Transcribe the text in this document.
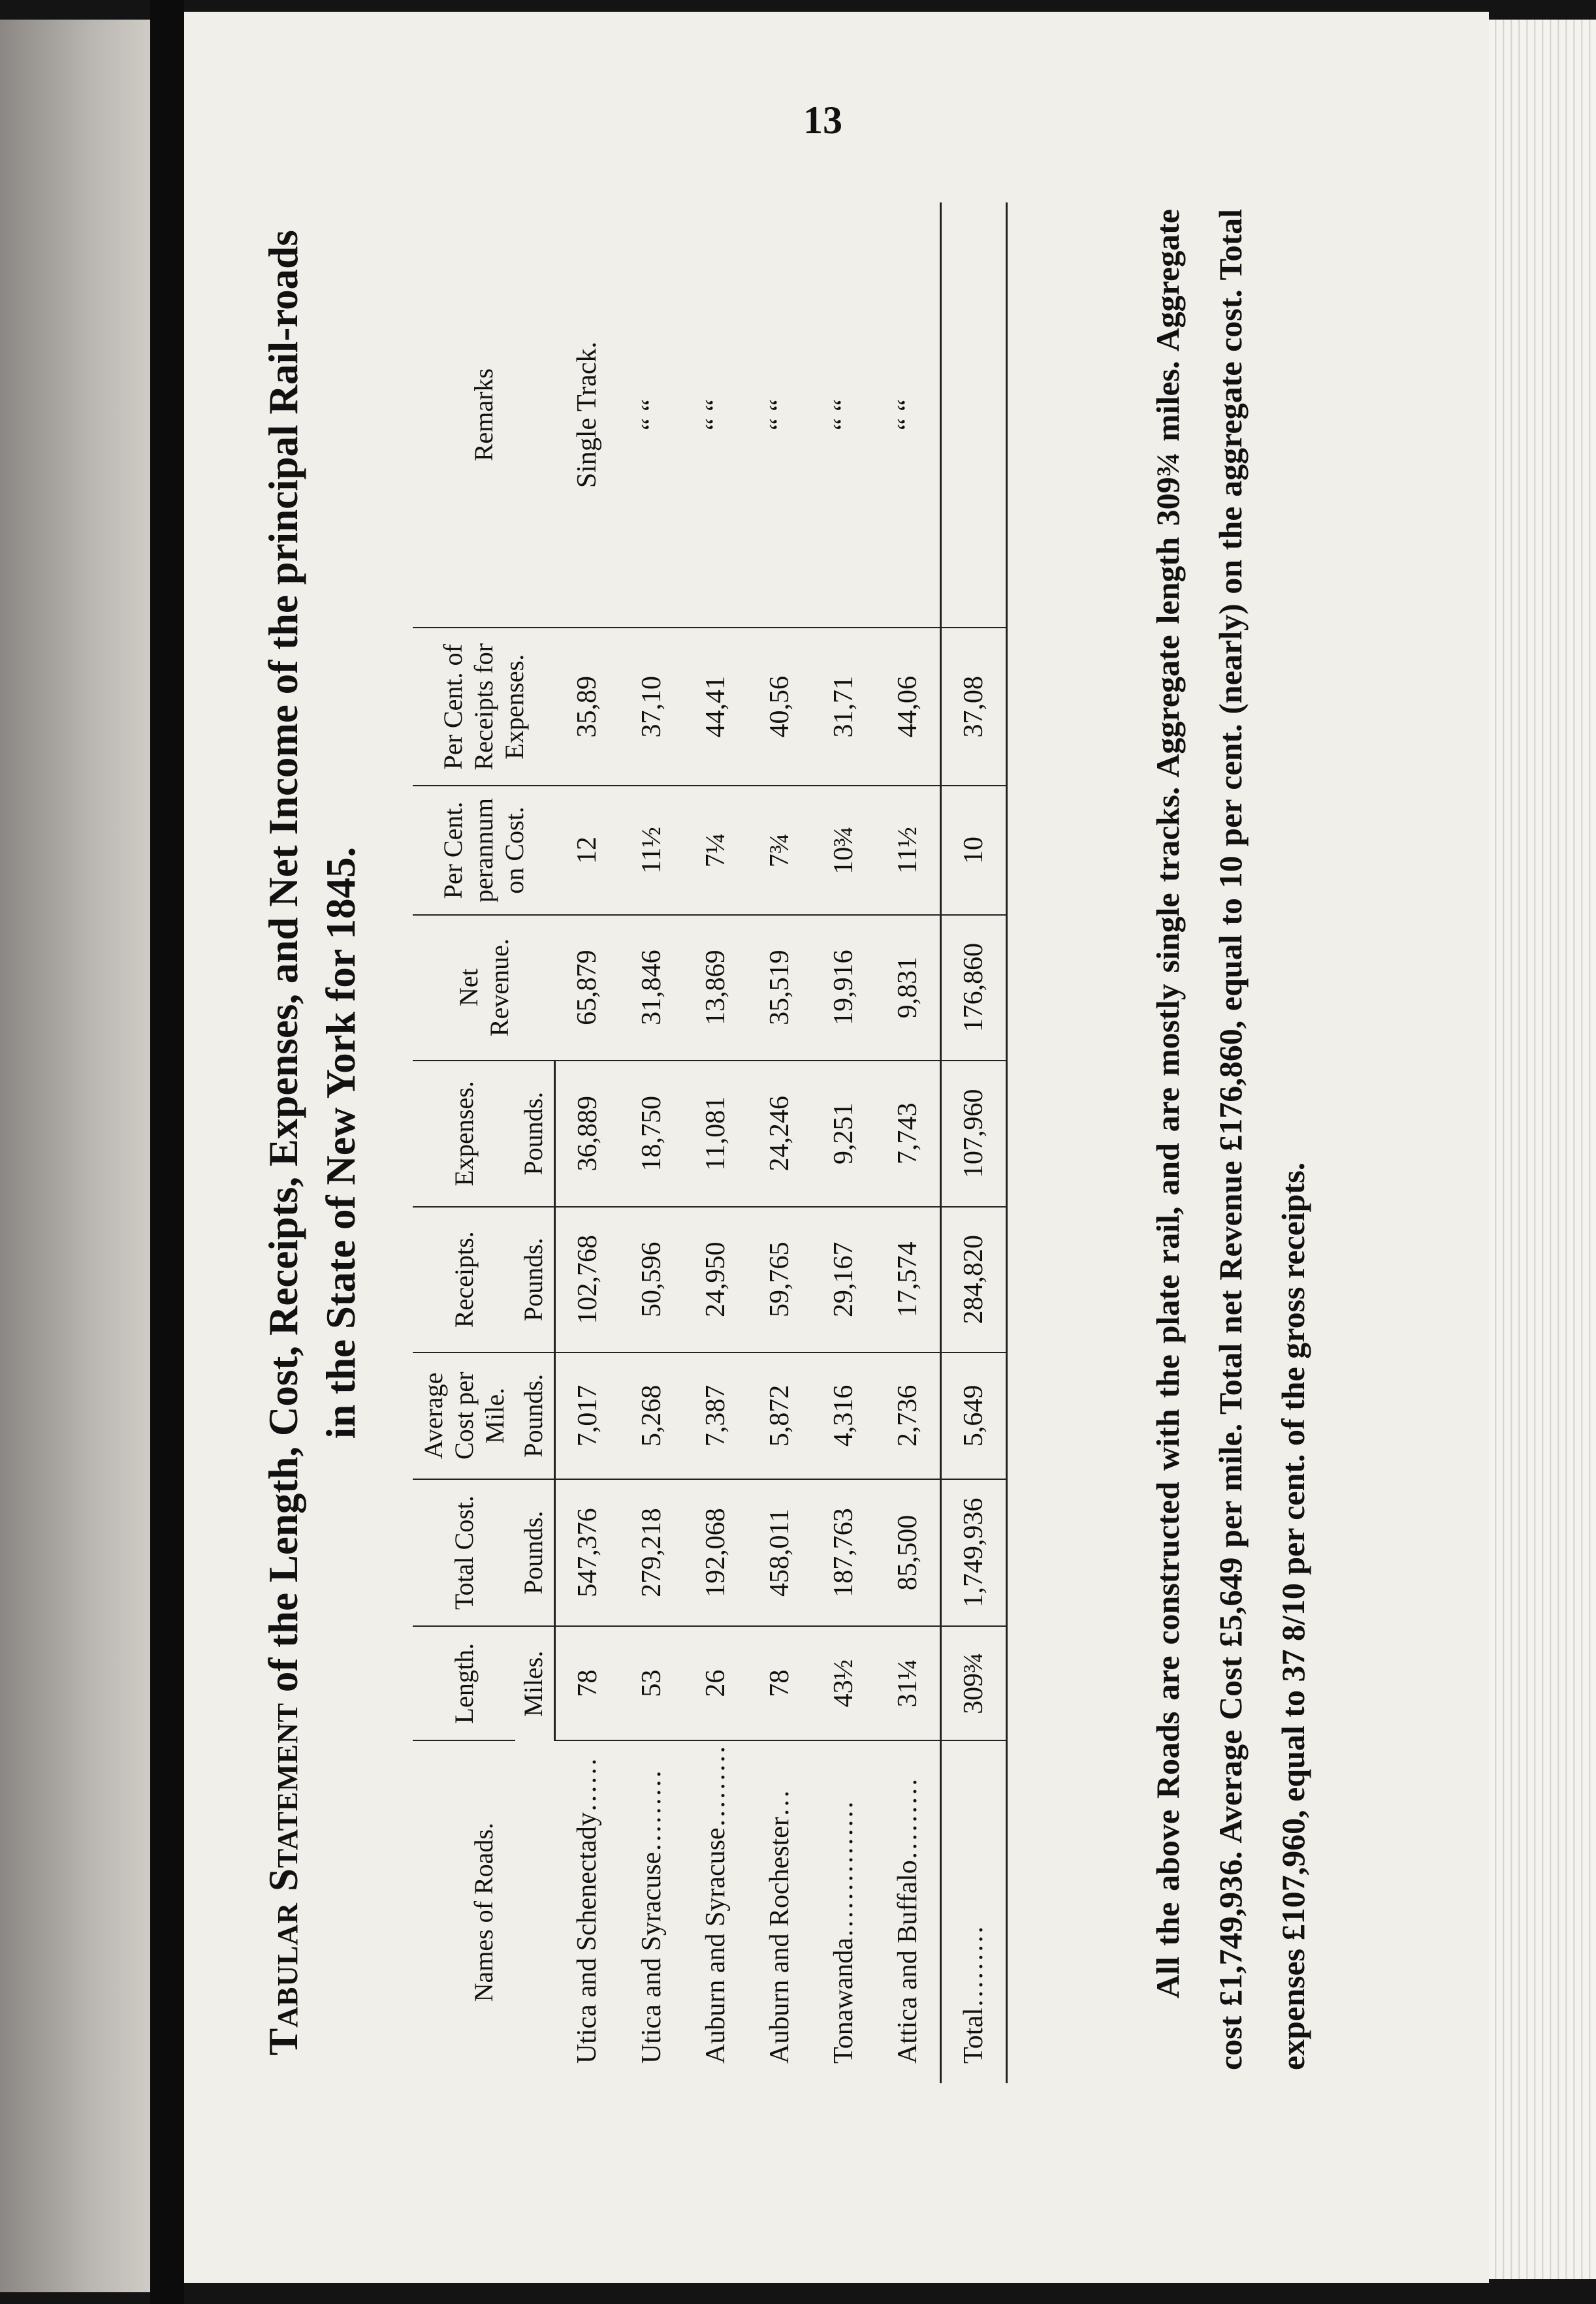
13
Tabular Statement of the Length, Cost, Receipts, Expenses, and Net Income of the principal Rail-roads in the State of New York for 1845.
Names of Roads.	Length.	Total Cost.	Average Cost per Mile.	Receipts.	Expenses.	Net Revenue.	Per Cent. perannum on Cost.	Per Cent. of Receipts for Expenses.	Remarks
	Miles.	Pounds.	Pounds.	Pounds.	Pounds.				
Utica and Schenectady……	78	547,376	7,017	102,768	36,889	65,879	12	35,89	Single Track.
Utica and Syracuse………	53	279,218	5,268	50,596	18,750	31,846	11½	37,10	“ “
Auburn and Syracuse………	26	192,068	7,387	24,950	11,081	13,869	7¼	44,41	“ “
Auburn and Rochester…	78	458,011	5,872	59,765	24,246	35,519	7¾	40,56	“ “
Tonawanda……………	43½	187,763	4,316	29,167	9,251	19,916	10¾	31,71	“ “
Attica and Buffalo………	31¼	85,500	2,736	17,574	7,743	9,831	11½	44,06	“ “
Total………	309¾	1,749,936	5,649	284,820	107,960	176,860	10	37,08		All the above Roads are constructed with the plate rail, and are mostly single tracks. Aggregate length 309¾ miles. Aggregate cost £1,749,936. Average Cost £5,649 per mile. Total net Revenue £176,860, equal to 10 per cent. (nearly) on the aggregate cost. Total expenses £107,960, equal to 37 8/10 per cent. of the gross receipts.
